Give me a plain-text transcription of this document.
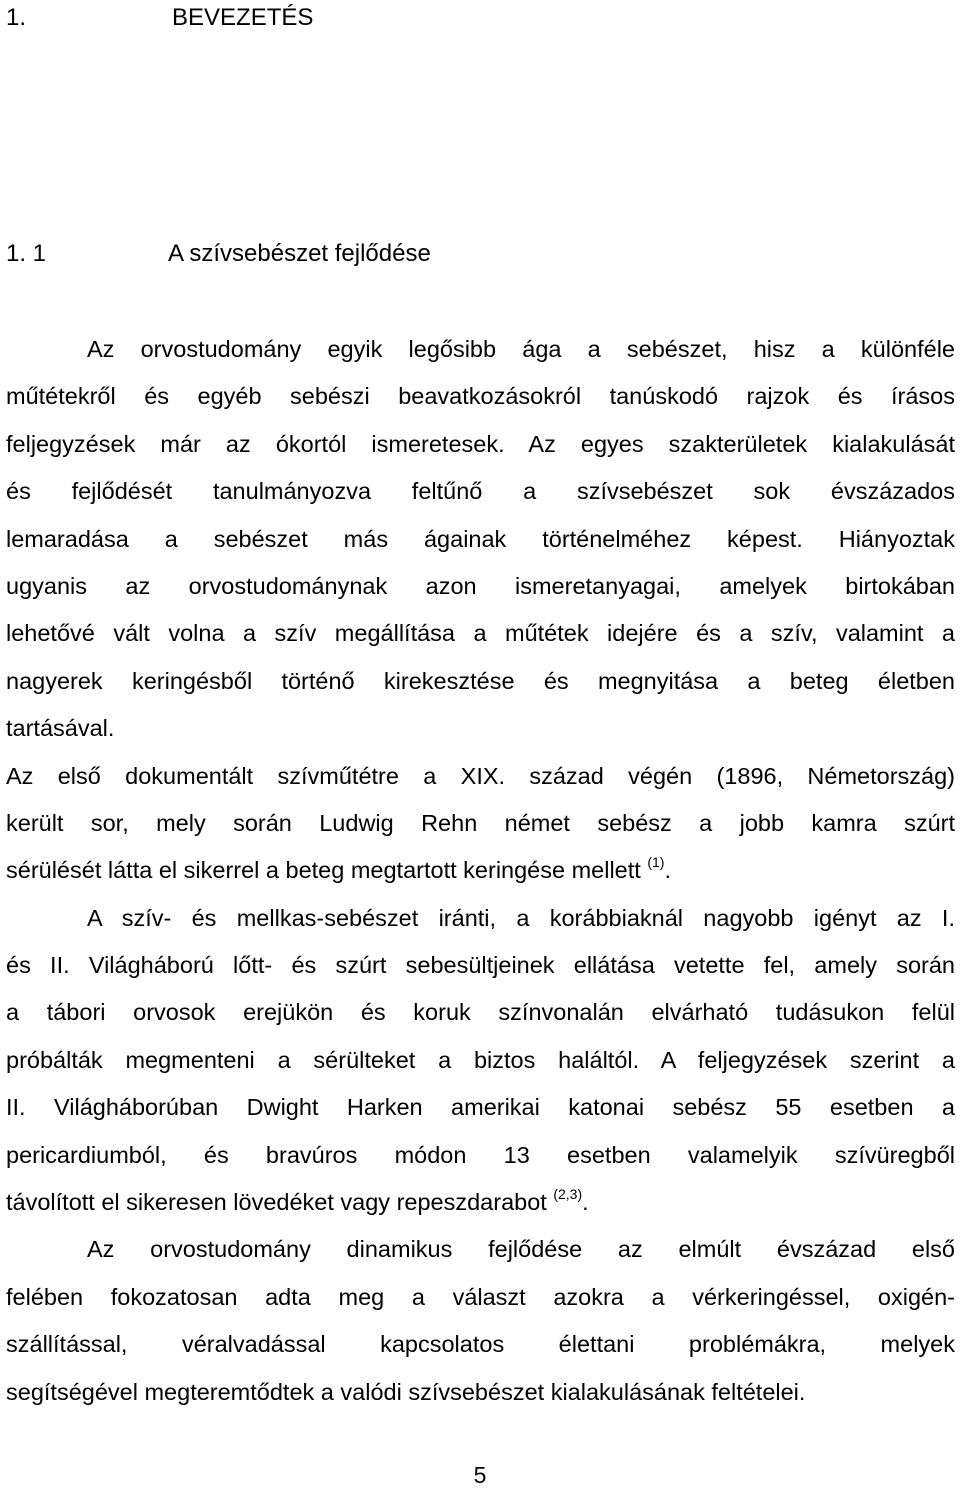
1.	BEVEZETÉS
1. 1	A szívsebészet fejlődése
Az orvostudomány egyik legősibb ága a sebészet, hisz a különféle
műtétekről és egyéb sebészi beavatkozásokról tanúskodó rajzok és írásos
feljegyzések már az ókortól ismeretesek. Az egyes szakterületek kialakulását
és fejlődését tanulmányozva feltűnő a szívsebészet sok évszázados
lemaradása a sebészet más ágainak történelméhez képest. Hiányoztak
ugyanis az orvostudománynak azon ismeretanyagai, amelyek birtokában
lehetővé vált volna a szív megállítása a műtétek idejére és a szív, valamint a
nagyerek keringésből történő kirekesztése és megnyitása a beteg életben
tartásával.
Az első dokumentált szívműtétre a XIX. század végén (1896, Németország)
került sor, mely során Ludwig Rehn német sebész a jobb kamra szúrt
sérülését látta el sikerrel a beteg megtartott keringése mellett $^{(1)}$.
A szív- és mellkas-sebészet iránti, a korábbiaknál nagyobb igényt az I.
és II. Világháború lőtt- és szúrt sebesültjeinek ellátása vetette fel, amely során
a tábori orvosok erejükön és koruk színvonalán elvárható tudásukon felül
próbálták megmenteni a sérülteket a biztos haláltól. A feljegyzések szerint a
II. Világháborúban Dwight Harken amerikai katonai sebész 55 esetben a
pericardiumból, és bravúros módon 13 esetben valamelyik szívüregből
távolított el sikeresen lövedéket vagy repeszdarabot $^{(2,3)}$.
Az orvostudomány dinamikus fejlődése az elmúlt évszázad első
felében fokozatosan adta meg a választ azokra a vérkeringéssel, oxigén-
szállítással, véralvadással kapcsolatos élettani problémákra, melyek
segítségével megteremtődtek a valódi szívsebészet kialakulásának feltételei.
5
